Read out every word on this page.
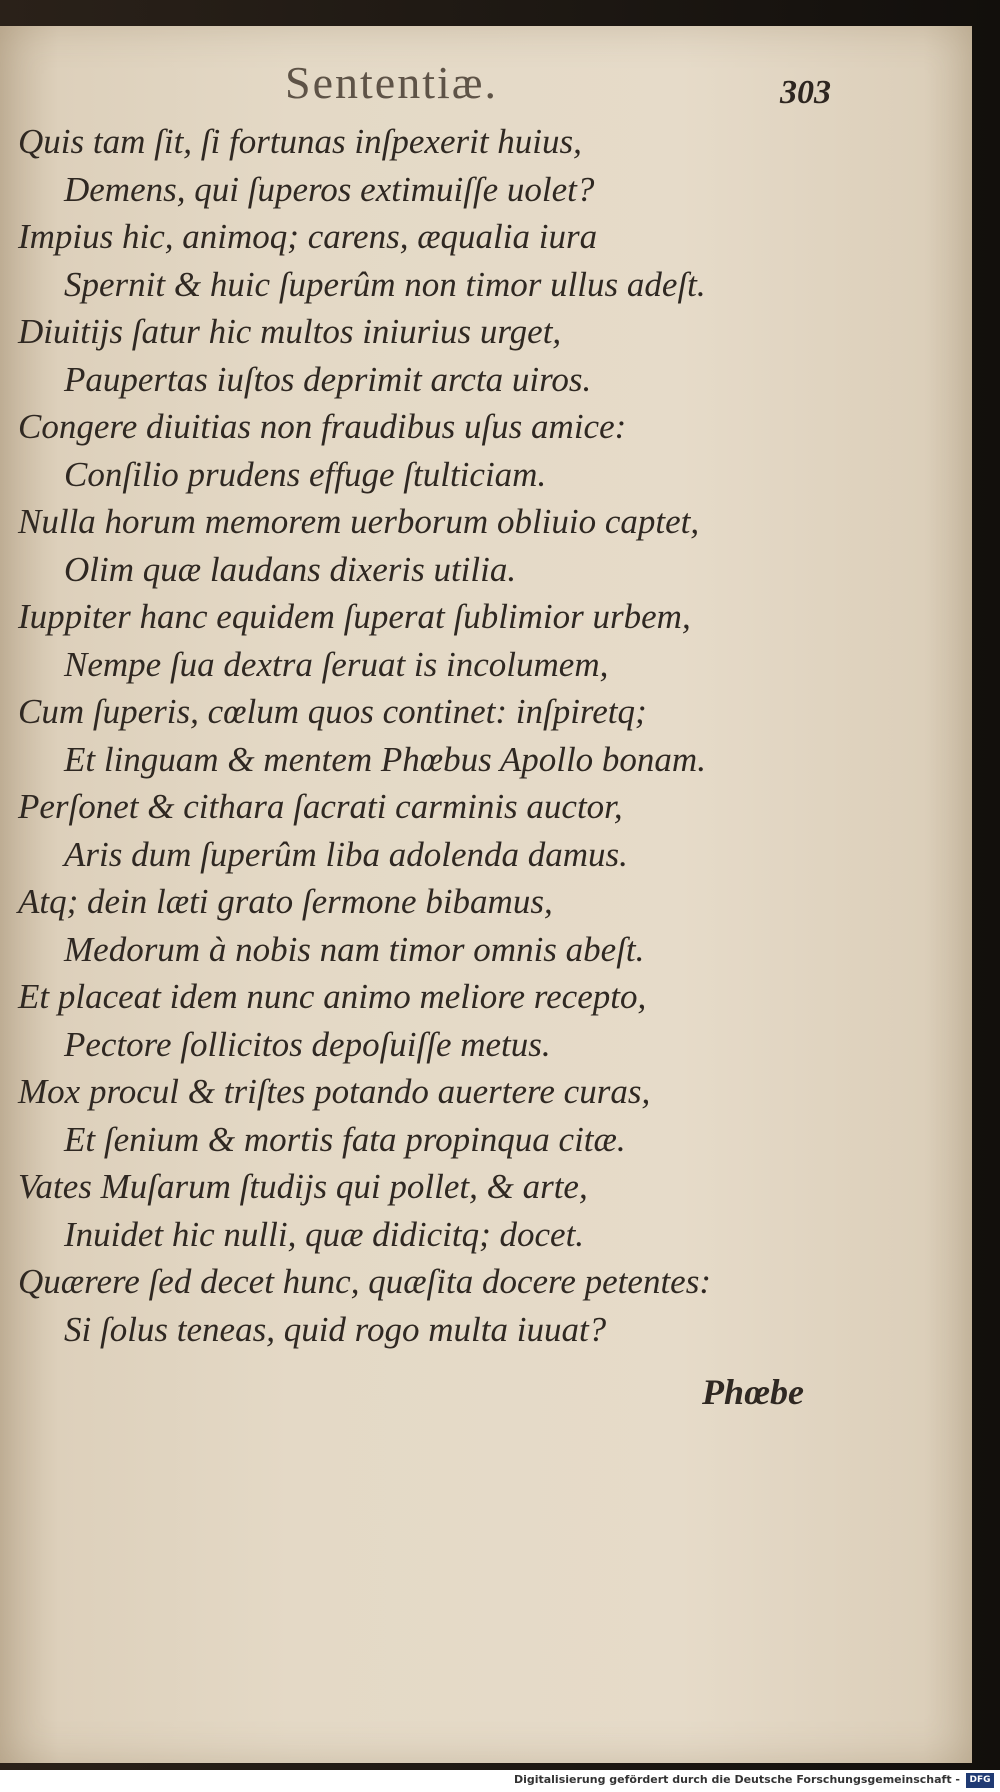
Sententiæ.	303
Quis tam ſit, ſi fortunas inſpexerit huius,
Demens, qui ſuperos extimuiſſe uolet?
Impius hic, animoq; carens, æqualia iura
Spernit & huic ſuperûm non timor ullus adeſt.
Diuitijs ſatur hic multos iniurius urget,
Paupertas iuſtos deprimit arcta uiros.
Congere diuitias non fraudibus uſus amice:
Conſilio prudens effuge ſtulticiam.
Nulla horum memorem uerborum obliuio captet,
Olim quæ laudans dixeris utilia.
Iuppiter hanc equidem ſuperat ſublimior urbem,
Nempe ſua dextra ſeruat is incolumem,
Cum ſuperis, cœlum quos continet: inſpiretq;
Et linguam & mentem Phœbus Apollo bonam.
Perſonet & cithara ſacrati carminis auctor,
Aris dum ſuperûm liba adolenda damus.
Atq; dein læti grato ſermone bibamus,
Medorum à nobis nam timor omnis abeſt.
Et placeat idem nunc animo meliore recepto,
Pectore ſollicitos depoſuiſſe metus.
Mox procul & triſtes potando auertere curas,
Et ſenium & mortis fata propinqua citæ.
Vates Muſarum ſtudijs qui pollet, & arte,
Inuidet hic nulli, quæ didicitq; docet.
Quærere ſed decet hunc, quæſita docere petentes:
Si ſolus teneas, quid rogo multa iuuat?
Phœbe
Digitalisierung gefördert durch die Deutsche Forschungsgemeinschaft -	DFG
